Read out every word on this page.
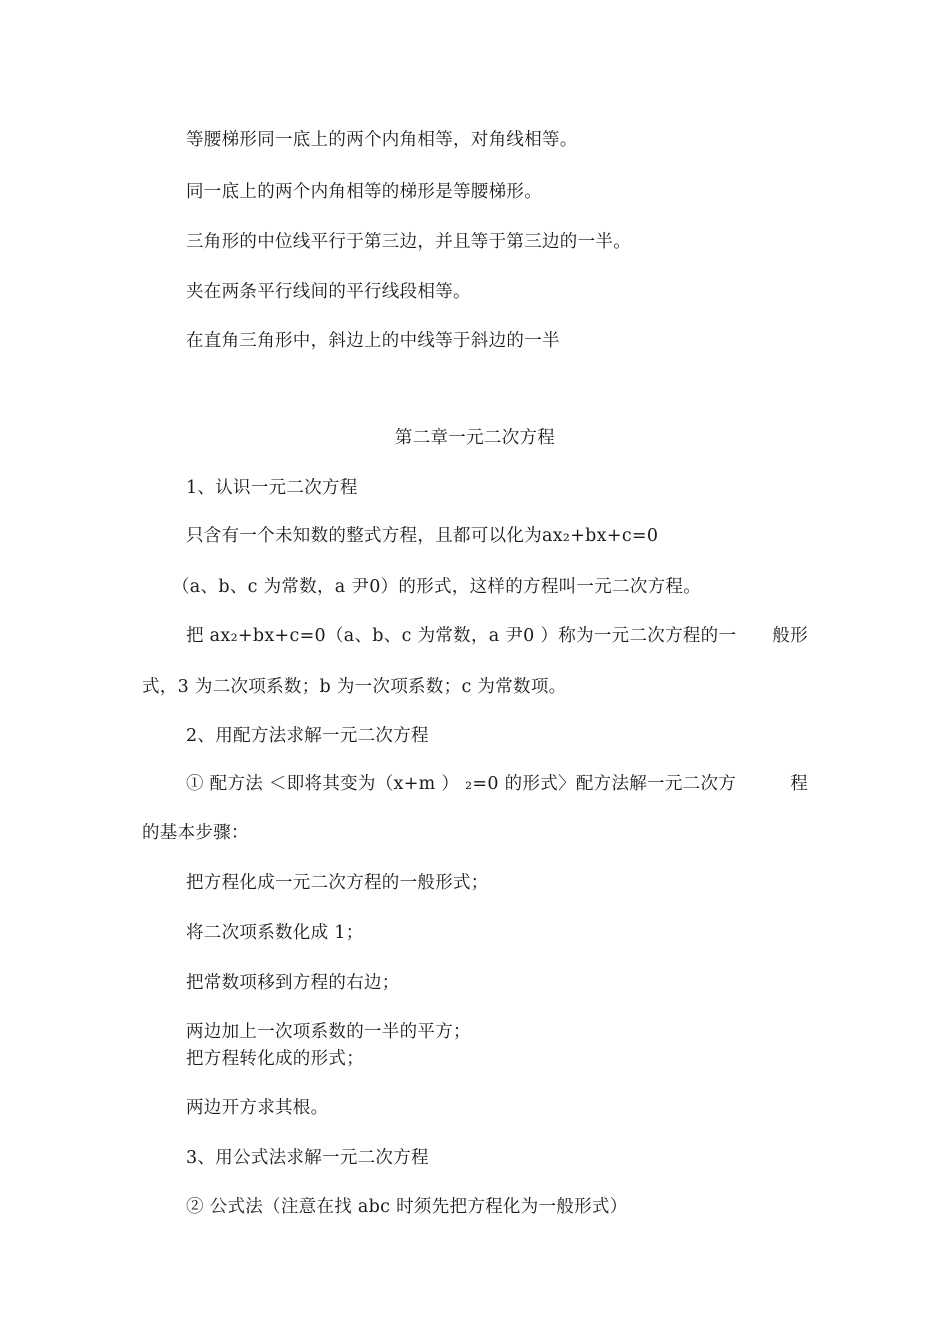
等腰梯形同一底上的两个内角相等，对角线相等。
同一底上的两个内角相等的梯形是等腰梯形。
三角形的中位线平行于第三边，并且等于第三边的一半。
夹在两条平行线间的平行线段相等。
在直角三角形中，斜边上的中线等于斜边的一半
第二章一元二次方程
1、认识一元二次方程
只含有一个未知数的整式方程，且都可以化为ax₂+bx+c=0
（a、b、c 为常数，a 尹0）的形式，这样的方程叫一元二次方程。
把 ax₂+bx+c=0（a、b、c 为常数，a 尹0 ）称为一元二次方程的一 般形
式，3 为二次项系数；b 为一次项系数；c 为常数项。
2、用配方法求解一元二次方程
① 配方法 ＜即将其变为（x+m ） ₂=0 的形式〉配方法解一元二次方	程
的基本步骤：
把方程化成一元二次方程的一般形式；
将二次项系数化成 1；
把常数项移到方程的右边；
两边加上一次项系数的一半的平方；
把方程转化成的形式；
两边开方求其根。
3、用公式法求解一元二次方程
② 公式法（注意在找 abc 时须先把方程化为一般形式）
